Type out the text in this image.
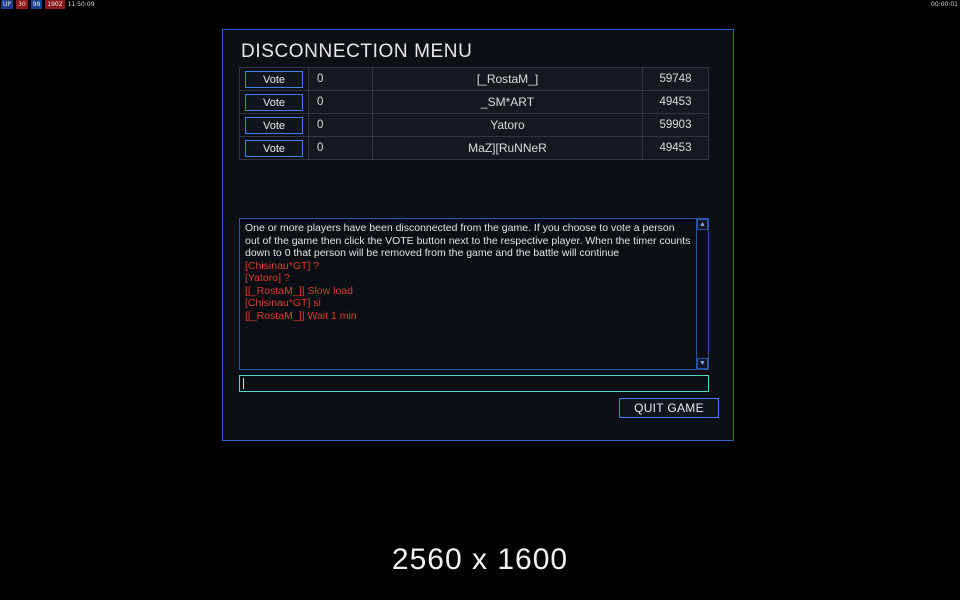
UP	30	98	1902 11:50:09	00:00:01
DISCONNECTION MENU
Vote	0	[_RostaM_]	59748

Vote	0	_SM*ART	49453

Vote	0	Yatoro	59903

Vote	0	MaZ][RuNNeR	49453
One or more players have been disconnected from the game. If you choose to vote a person out of the game then click the VOTE button next to the respective player. When the timer counts down to 0 that person will be removed from the game and the battle will continue
[Chisinau*GT] ?
[Yatoro] ?
[[_RostaM_]] Slow load
[Chisinau*GT] si
[[_RostaM_]] Wait 1 min
▲
▼
QUIT GAME
2560 x 1600
